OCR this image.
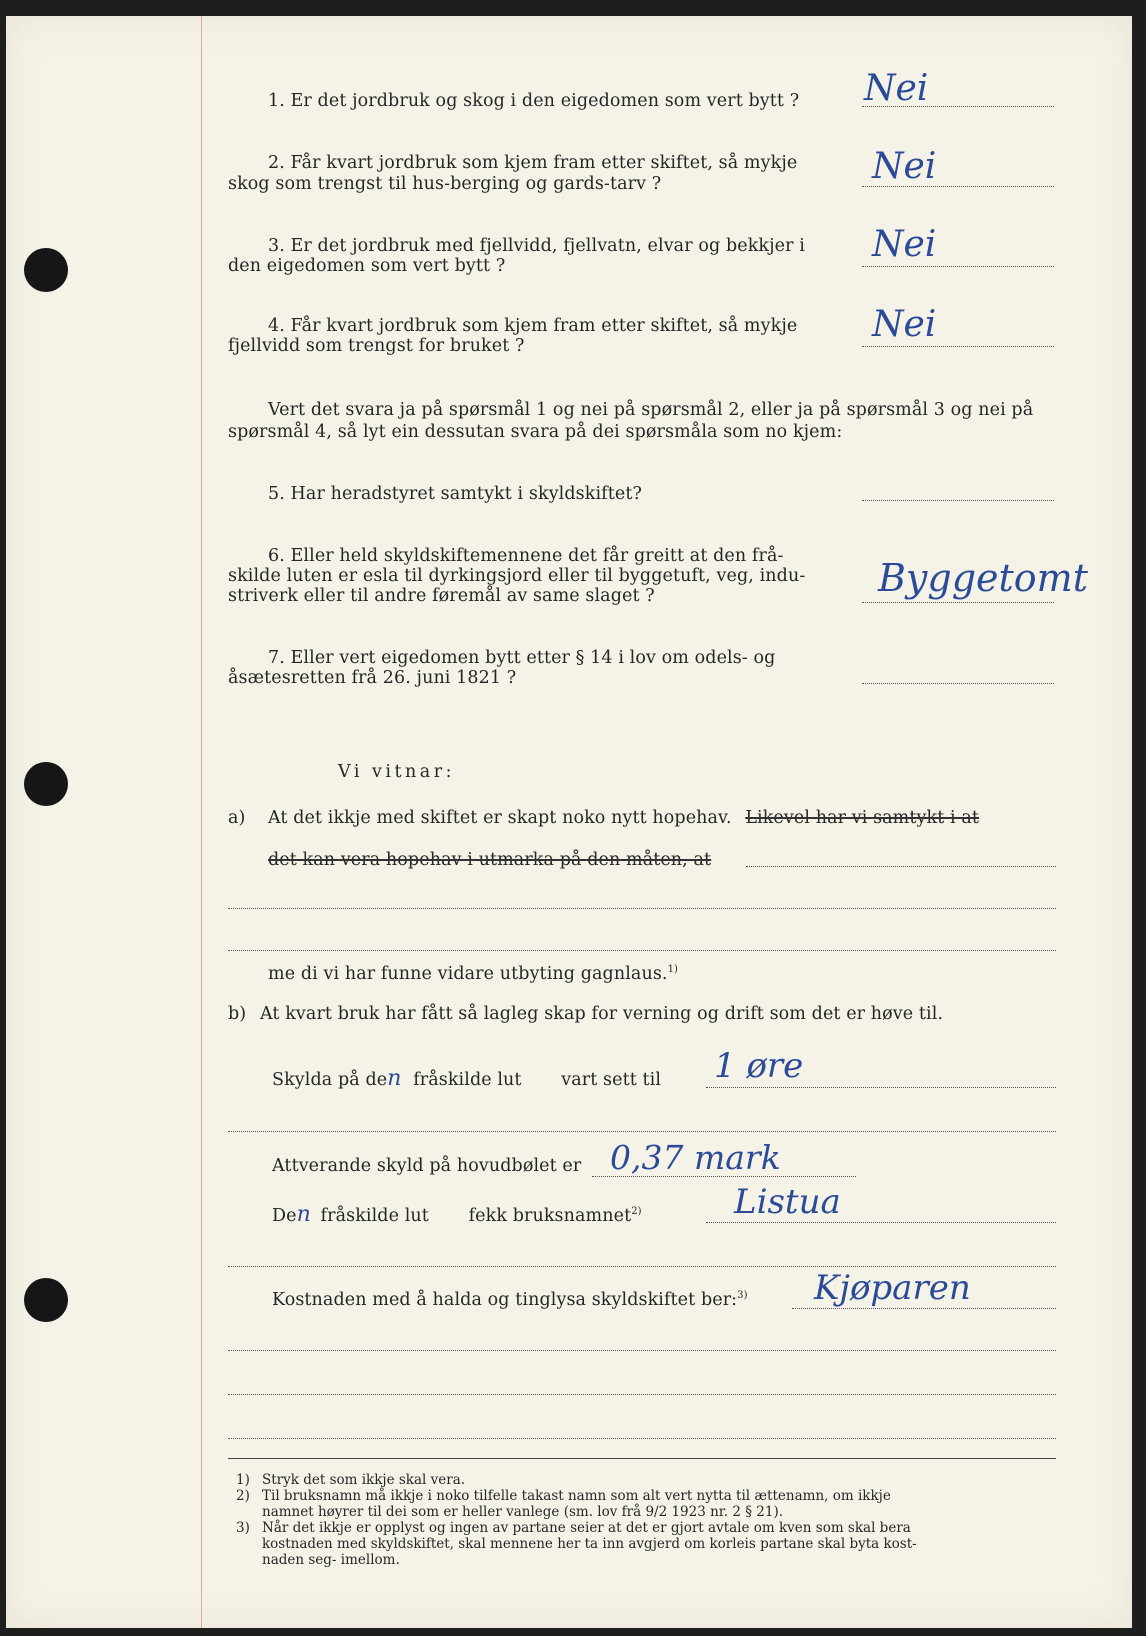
1. Er det jordbruk og skog i den eigedomen som vert bytt ? Nei
2. Får kvart jordbruk som kjem fram etter skiftet, så mykje
skog som trengst til hus-berging og gards-tarv ?	Nei
3. Er det jordbruk med fjellvidd, fjellvatn, elvar og bekkjer i
den eigedomen som vert bytt ?
Nei
4. Får kvart jordbruk som kjem fram etter skiftet, så mykje
fjellvidd som trengst for bruket ?
Nei
Vert det svara ja på spørsmål 1 og nei på spørsmål 2, eller ja på spørsmål 3 og nei på
spørsmål 4, så lyt ein dessutan svara på dei spørsmåla som no kjem:
5. Har heradstyret samtykt i skyldskiftet?
6. Eller held skyldskiftemennene det får greitt at den frå-
skilde luten er esla til dyrkingsjord eller til byggetuft, veg, indu-
striverk eller til andre føremål av same slaget ?	Byggetomt
7. Eller vert eigedomen bytt etter § 14 i lov om odels- og
åsætesretten frå 26. juni 1821 ?
Vi vitnar:
a) At det ikkje med skiftet er skapt noko nytt hopehav. Likevel har vi samtykt i at
det kan vera hopehav i utmarka på den måten, at
me di vi har funne vidare utbyting gagnlaus.$^{1)}$
b) At kvart bruk har fått så lagleg skap for verning og drift som det er høve til.
Skylda på den fråskilde lut vart sett til 1 øre
Attverande skyld på hovudbølet er 0,37 mark
Den fråskilde lut fekk bruksnamnet$^{2)}$	Listua
Kostnaden med å halda og tinglysa skyldskiftet ber:$^{3)}$ Kjøparen
1) Stryk det som ikkje skal vera.
2) Til bruksnamn må ikkje i noko tilfelle takast namn som alt vert nytta til ættenamn, om ikkje
namnet høyrer til dei som er heller vanlege (sm. lov frå 9/2 1923 nr. 2 § 21).
3) Når det ikkje er opplyst og ingen av partane seier at det er gjort avtale om kven som skal bera
kostnaden med skyldskiftet, skal mennene her ta inn avgjerd om korleis partane skal byta kost-
naden seg- imellom.
